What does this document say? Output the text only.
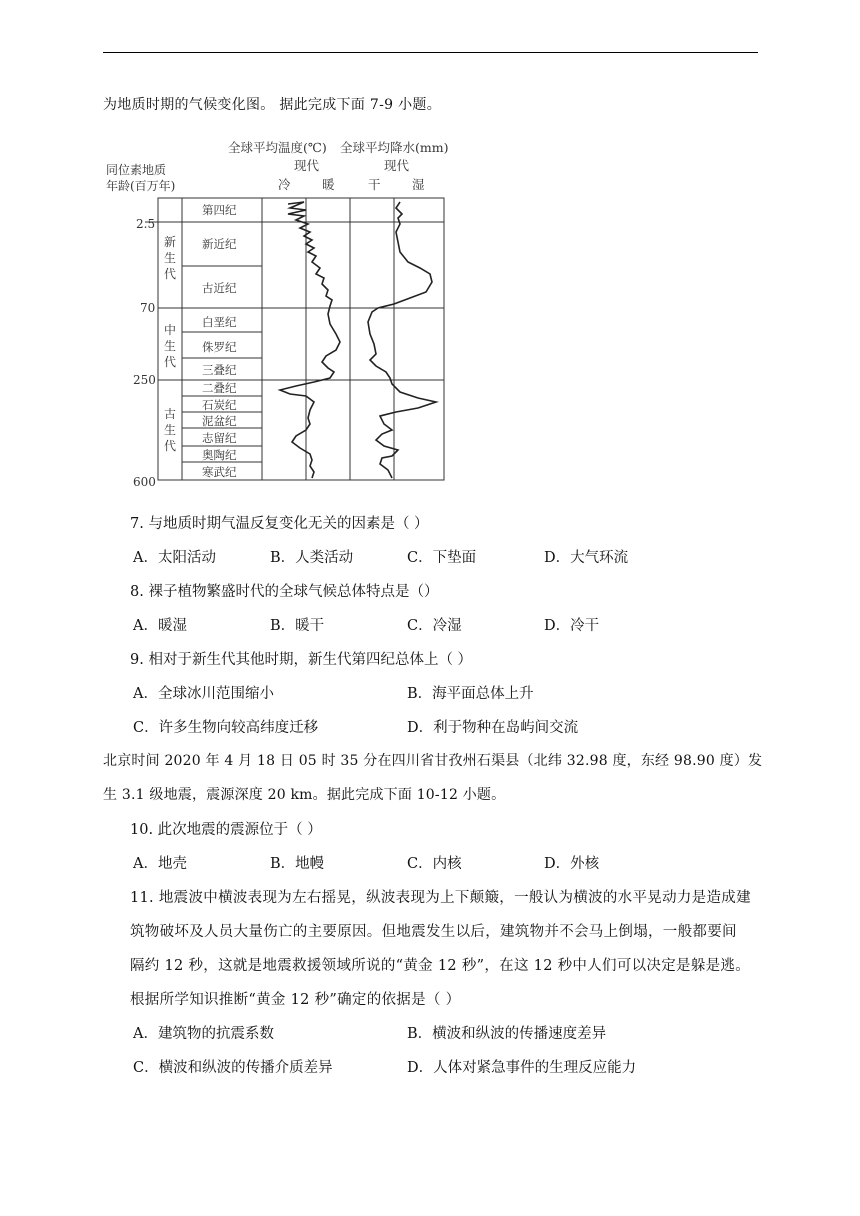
为地质时期的气候变化图。 据此完成下面 7-9 小题。
全球平均温度(℃) 全球平均降水(mm)
现代	现代
冷	暖	干	湿
同位素地质
年龄(百万年)
2.5
70
250
600
新
生
代
中
生
代
古
生
代
第四纪
新近纪
古近纪
白垩纪
侏罗纪
三叠纪
二叠纪
石炭纪
泥盆纪
志留纪
奥陶纪
寒武纪
7. 与地质时期气温反复变化无关的因素是（ ）
A．太阳活动	B．人类活动	C．下垫面	D．大气环流
8. 裸子植物繁盛时代的全球气候总体特点是（）
A．暖湿	B．暖干	C．冷湿	D．冷干
9. 相对于新生代其他时期，新生代第四纪总体上（ ）
A．全球冰川范围缩小	B．海平面总体上升
C．许多生物向较高纬度迁移	D．利于物种在岛屿间交流
北京时间 2020 年 4 月 18 日 05 时 35 分在四川省甘孜州石渠县（北纬 32.98 度，东经 98.90 度）发
生 3.1 级地震，震源深度 20 km。据此完成下面 10-12 小题。
10. 此次地震的震源位于（ ）
A．地壳	B．地幔	C．内核	D．外核
11. 地震波中横波表现为左右摇晃，纵波表现为上下颠簸，一般认为横波的水平晃动力是造成建
筑物破坏及人员大量伤亡的主要原因。但地震发生以后，建筑物并不会马上倒塌，一般都要间
隔约 12 秒，这就是地震救援领域所说的“黄金 12 秒”，在这 12 秒中人们可以决定是躲是逃。
根据所学知识推断“黄金 12 秒”确定的依据是（ ）
A．建筑物的抗震系数	B．横波和纵波的传播速度差异
C．横波和纵波的传播介质差异	D．人体对紧急事件的生理反应能力
